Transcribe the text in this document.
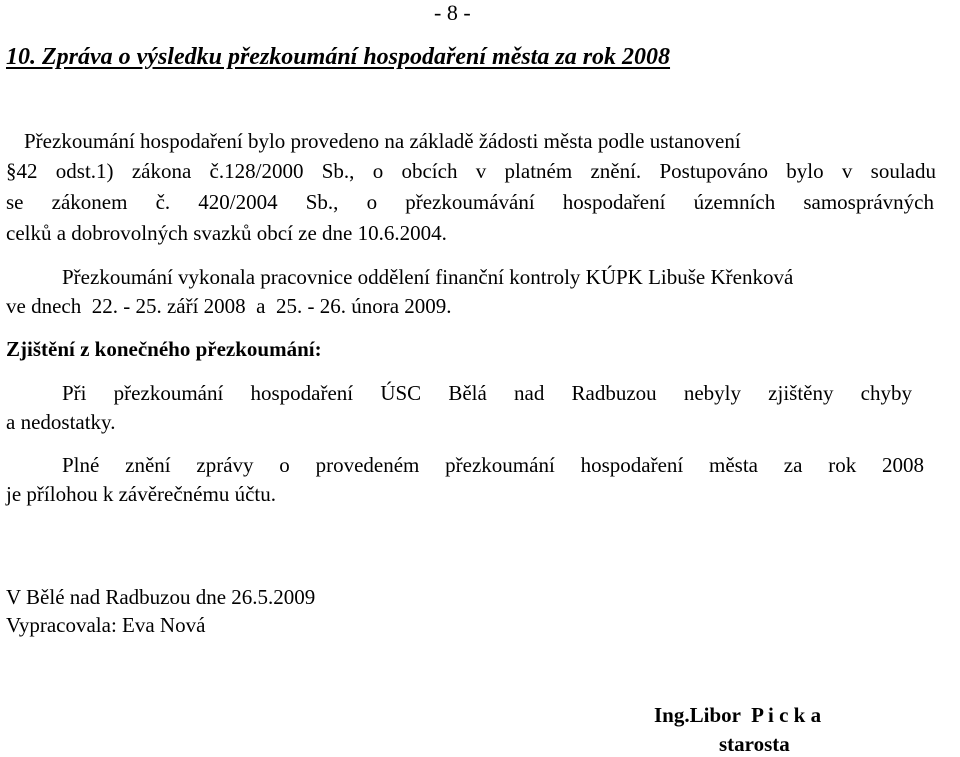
- 8 -
10. Zpráva o výsledku přezkoumání hospodaření města za rok 2008
Přezkoumání hospodaření bylo provedeno na základě žádosti města podle ustanovení
§42 odst.1) zákona č.128/2000 Sb., o obcích v platném znění. Postupováno bylo v souladu
se zákonem č. 420/2004 Sb., o přezkoumávání hospodaření územních samosprávných
celků a dobrovolných svazků obcí ze dne 10.6.2004.
Přezkoumání vykonala pracovnice oddělení finanční kontroly KÚPK Libuše Křenková
ve dnech  22. - 25. září 2008  a  25. - 26. února 2009.
Zjištění z konečného přezkoumání:
Při přezkoumání hospodaření ÚSC Bělá nad Radbuzou nebyly zjištěny chyby
a nedostatky.
Plné znění zprávy o provedeném přezkoumání hospodaření města za rok 2008
je přílohou k závěrečnému účtu.
V Bělé nad Radbuzou dne 26.5.2009
Vypracovala: Eva Nová
Ing.Libor  P i c k a
starosta
